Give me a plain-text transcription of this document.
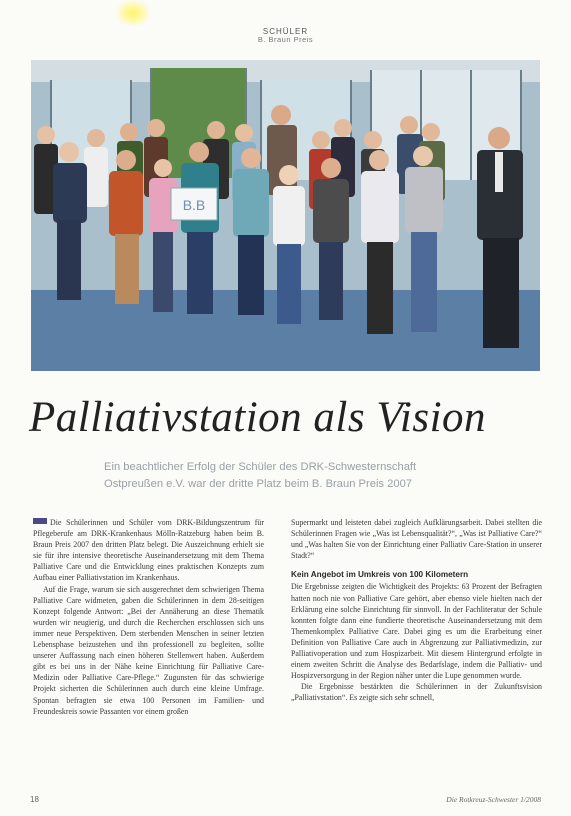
SCHÜLER
B. Braun Preis
B.B
Palliativstation als Vision

Ein beachtlicher Erfolg der Schüler des DRK-Schwesternschaft Ostpreußen e.V. war der dritte Platz beim B. Braun Preis 2007

Die Schülerinnen und Schüler vom DRK-Bildungszentrum für Pflegeberufe am DRK-Krankenhaus Mölln-Ratzeburg haben beim B. Braun Preis 2007 den dritten Platz belegt. Die Auszeichnung erhielt sie sie für ihre intensive theoretische Auseinandersetzung mit dem Thema Palliative Care und die Entwicklung eines praktischen Konzepts zum Aufbau einer Palliativstation im Krankenhaus.

Auf die Frage, warum sie sich ausgerechnet dem schwierigen Thema Palliative Care widmeten, gaben die Schülerinnen in dem 28-seitigen Konzept folgende Antwort: „Bei der Annäherung an diese Thematik wurden wir neugierig, und durch die Recherchen erschlossen sich uns immer neue Perspektiven. Dem sterbenden Menschen in seiner letzten Lebensphase beizustehen und ihn professionell zu begleiten, sollte unserer Auffassung nach einen höheren Stellenwert haben. Außerdem gibt es bei uns in der Nähe keine Einrichtung für Palliative Care-Medizin oder Palliative Care-Pflege.“ Zugunsten für das schwierige Projekt sicherten die Schülerinnen auch durch eine kleine Umfrage. Spontan befragten sie etwa 100 Personen im Familien- und Freundeskreis sowie Passanten vor einem großen

Supermarkt und leisteten dabei zugleich Aufklärungsarbeit. Dabei stellten die Schülerinnen Fragen wie „Was ist Lebensqualität?“, „Was ist Palliative Care?“ und „Was halten Sie von der Einrichtung einer Palliativ Care-Station in unserer Stadt?“

Kein Angebot im Umkreis von 100 Kilometern

Die Ergebnisse zeigten die Wichtigkeit des Projekts: 63 Prozent der Befragten hatten noch nie von Palliative Care gehört, aber ebenso viele hielten nach der Erklärung eine solche Einrichtung für sinnvoll. In der Fachliteratur der Schule konnten folgte dann eine fundierte theoretische Auseinandersetzung mit dem Themenkomplex Palliative Care. Dabei ging es um die Erarbeitung einer Definition von Palliative Care auch in Abgrenzung zur Palliativmedizin, zur Palliativoperation und zum Hospizarbeit. Mit diesem Hintergrund erfolgte in einem zweiten Schritt die Analyse des Bedarfslage, indem die Palliativ- und Hospizversorgung in der Region näher unter die Lupe genommen wurde.

Die Ergebnisse bestärkten die Schülerinnen in der Zukunftsvision „Palliativstation“. Es zeigte sich sehr schnell,

18	Die Rotkreuz-Schwester 1/2008
